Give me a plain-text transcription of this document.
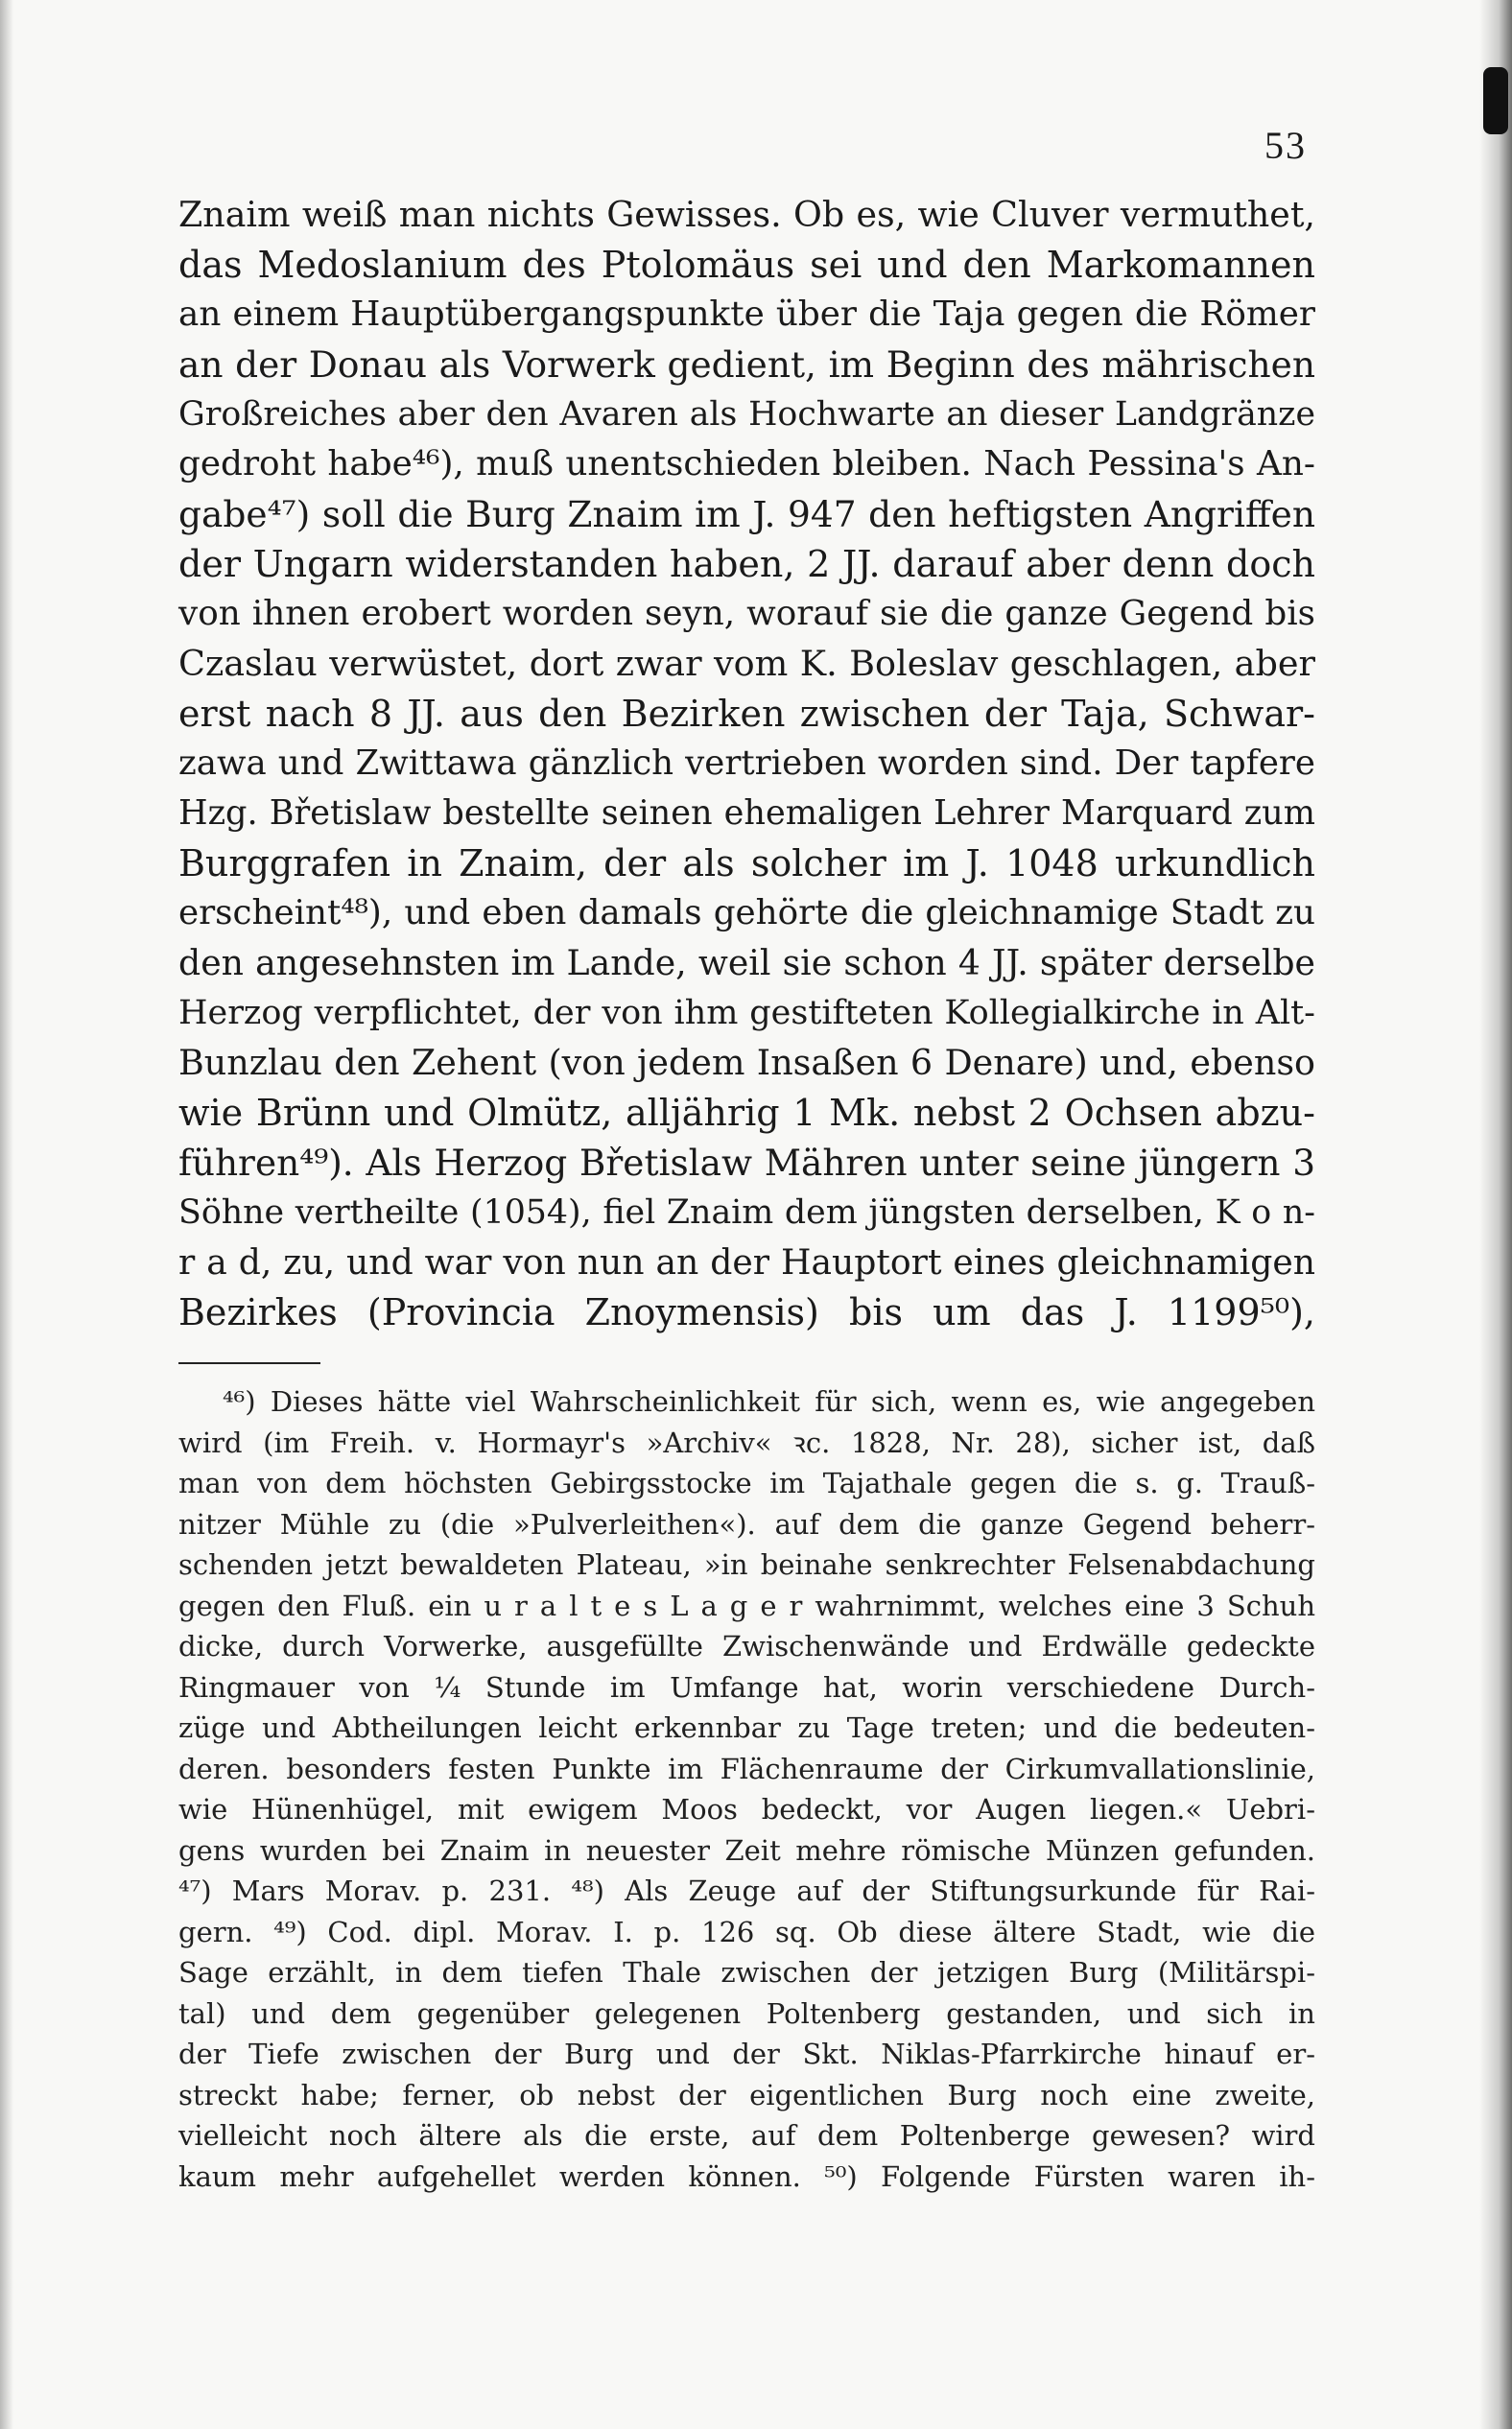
53
Znaim weiß man nichts Gewisses. Ob es, wie Cluver vermuthet,
das Medoslanium des Ptolomäus sei und den Markomannen
an einem Hauptübergangspunkte über die Taja gegen die Römer
an der Donau als Vorwerk gedient, im Beginn des mährischen
Großreiches aber den Avaren als Hochwarte an dieser Landgränze
gedroht habe⁴⁶), muß unentschieden bleiben. Nach Pessina's An-
gabe⁴⁷) soll die Burg Znaim im J. 947 den heftigsten Angriffen
der Ungarn widerstanden haben, 2 JJ. darauf aber denn doch
von ihnen erobert worden seyn, worauf sie die ganze Gegend bis
Czaslau verwüstet, dort zwar vom K. Boleslav geschlagen, aber
erst nach 8 JJ. aus den Bezirken zwischen der Taja, Schwar-
zawa und Zwittawa gänzlich vertrieben worden sind. Der tapfere
Hzg. Břetislaw bestellte seinen ehemaligen Lehrer Marquard zum
Burggrafen in Znaim, der als solcher im J. 1048 urkundlich
erscheint⁴⁸), und eben damals gehörte die gleichnamige Stadt zu
den angesehnsten im Lande, weil sie schon 4 JJ. später derselbe
Herzog verpflichtet, der von ihm gestifteten Kollegialkirche in Alt-
Bunzlau den Zehent (von jedem Insaßen 6 Denare) und, ebenso
wie Brünn und Olmütz, alljährig 1 Mk. nebst 2 Ochsen abzu-
führen⁴⁹). Als Herzog Břetislaw Mähren unter seine jüngern 3
Söhne vertheilte (1054), fiel Znaim dem jüngsten derselben, K o n-
r a d, zu, und war von nun an der Hauptort eines gleichnamigen
Bezirkes (Provincia Znoymensis) bis um das J. 1199⁵⁰),
⁴⁶) Dieses hätte viel Wahrscheinlichkeit für sich, wenn es, wie angegeben
wird (im Freih. v. Hormayr's »Archiv« ꝛc. 1828, Nr. 28), sicher ist, daß
man von dem höchsten Gebirgsstocke im Tajathale gegen die s. g. Trauß-
nitzer Mühle zu (die »Pulverleithen«). auf dem die ganze Gegend beherr-
schenden jetzt bewaldeten Plateau, »in beinahe senkrechter Felsenabdachung
gegen den Fluß. ein u r a l t e s L a g e r wahrnimmt, welches eine 3 Schuh
dicke, durch Vorwerke, ausgefüllte Zwischenwände und Erdwälle gedeckte
Ringmauer von ¼ Stunde im Umfange hat, worin verschiedene Durch-
züge und Abtheilungen leicht erkennbar zu Tage treten; und die bedeuten-
deren. besonders festen Punkte im Flächenraume der Cirkumvallationslinie,
wie Hünenhügel, mit ewigem Moos bedeckt, vor Augen liegen.« Uebri-
gens wurden bei Znaim in neuester Zeit mehre römische Münzen gefunden.
⁴⁷) Mars Morav. p. 231. ⁴⁸) Als Zeuge auf der Stiftungsurkunde für Rai-
gern. ⁴⁹) Cod. dipl. Morav. I. p. 126 sq. Ob diese ältere Stadt, wie die
Sage erzählt, in dem tiefen Thale zwischen der jetzigen Burg (Militärspi-
tal) und dem gegenüber gelegenen Poltenberg gestanden, und sich in
der Tiefe zwischen der Burg und der Skt. Niklas-Pfarrkirche hinauf er-
streckt habe; ferner, ob nebst der eigentlichen Burg noch eine zweite,
vielleicht noch ältere als die erste, auf dem Poltenberge gewesen? wird
kaum mehr aufgehellet werden können. ⁵⁰) Folgende Fürsten waren ih-
